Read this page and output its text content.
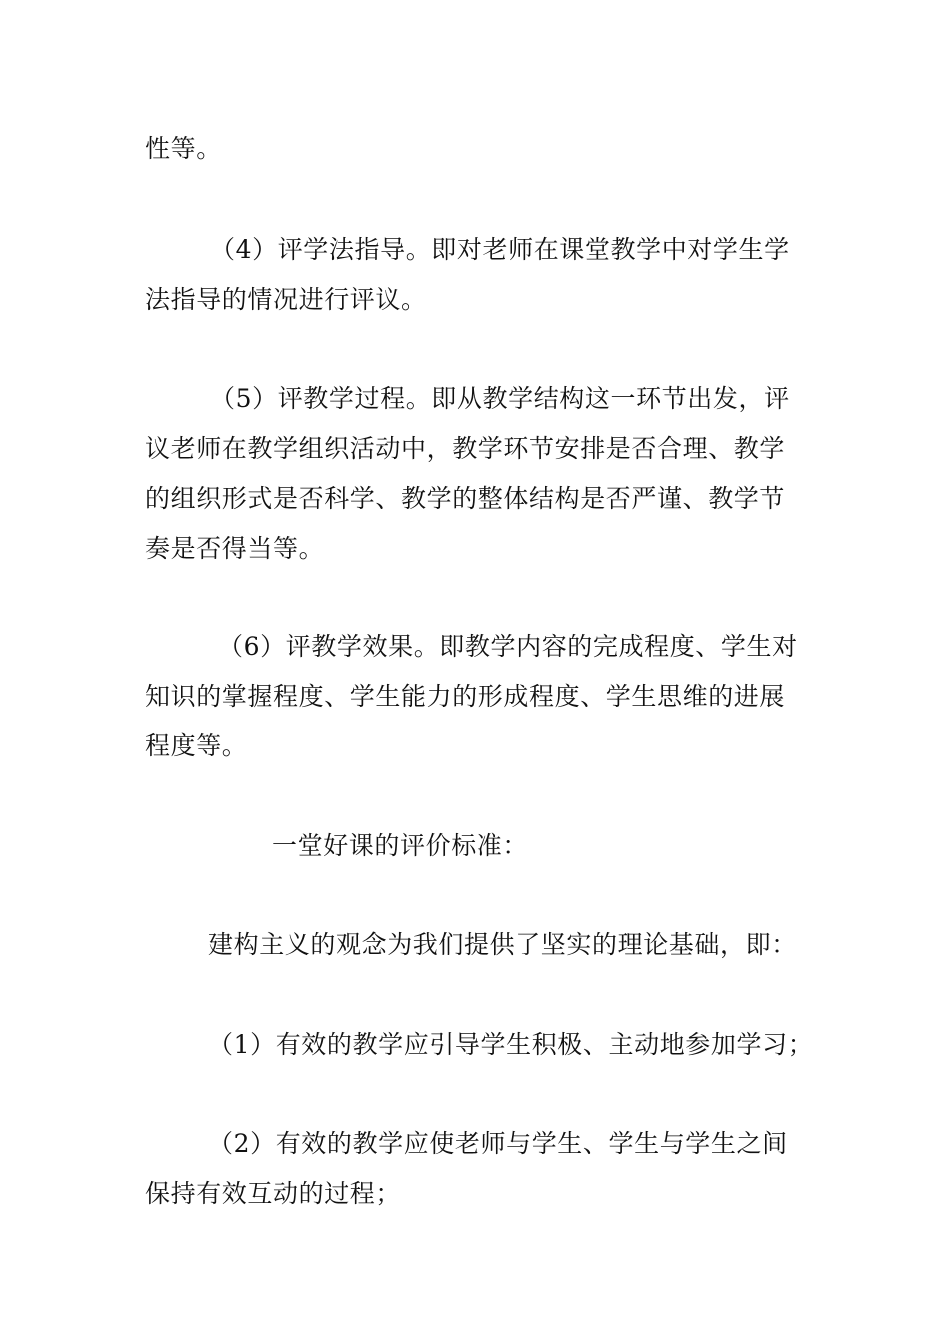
性等。
（4）评学法指导。即对老师在课堂教学中对学生学
法指导的情况进行评议。
（5）评教学过程。即从教学结构这一环节出发，评
议老师在教学组织活动中，教学环节安排是否合理、教学
的组织形式是否科学、教学的整体结构是否严谨、教学节
奏是否得当等。
（6）评教学效果。即教学内容的完成程度、学生对
知识的掌握程度、学生能力的形成程度、学生思维的进展
程度等。
一堂好课的评价标准：
建构主义的观念为我们提供了坚实的理论基础，即：
（1）有效的教学应引导学生积极、主动地参加学习；
（2）有效的教学应使老师与学生、学生与学生之间
保持有效互动的过程；
